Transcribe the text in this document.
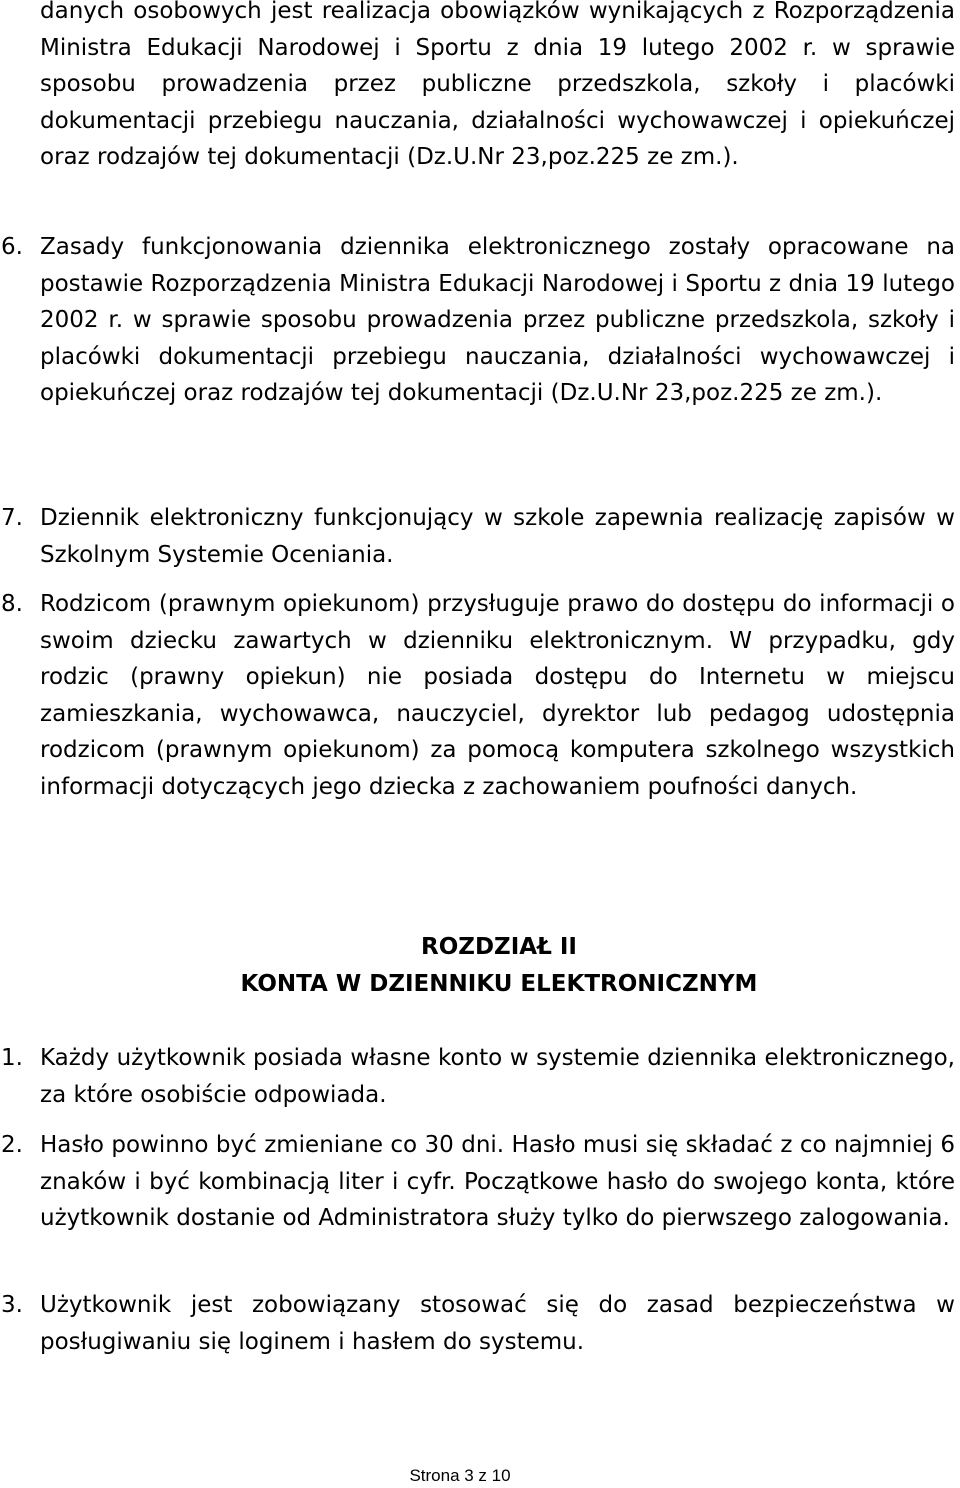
danych osobowych jest realizacja obowiązków wynikających z Rozporządzenia Ministra Edukacji Narodowej i Sportu z dnia 19 lutego 2002 r. w sprawie sposobu prowadzenia przez publiczne przedszkola, szkoły i placówki dokumentacji przebiegu nauczania, działalności wychowawczej i opiekuńczej oraz rodzajów tej dokumentacji (Dz.U.Nr 23,poz.225 ze zm.).
6. Zasady funkcjonowania dziennika elektronicznego zostały opracowane na postawie Rozporządzenia Ministra Edukacji Narodowej i Sportu z dnia 19 lutego 2002 r. w sprawie sposobu prowadzenia przez publiczne przedszkola, szkoły i placówki dokumentacji przebiegu nauczania, działalności wychowawczej i opiekuńczej oraz rodzajów tej dokumentacji (Dz.U.Nr 23,poz.225 ze zm.).
7. Dziennik elektroniczny funkcjonujący w szkole zapewnia realizację zapisów w Szkolnym Systemie Oceniania.
8. Rodzicom (prawnym opiekunom) przysługuje prawo do dostępu do informacji o swoim dziecku zawartych w dzienniku elektronicznym. W przypadku, gdy rodzic (prawny opiekun) nie posiada dostępu do Internetu w miejscu zamieszkania, wychowawca, nauczyciel, dyrektor lub pedagog udostępnia rodzicom (prawnym opiekunom) za pomocą komputera szkolnego wszystkich informacji dotyczących jego dziecka z zachowaniem poufności danych.
ROZDZIAŁ II
KONTA W DZIENNIKU ELEKTRONICZNYM
1. Każdy użytkownik posiada własne konto w systemie dziennika elektronicznego, za które osobiście odpowiada.
2. Hasło powinno być zmieniane co 30 dni. Hasło musi się składać z co najmniej 6 znaków i być kombinacją liter i cyfr. Początkowe hasło do swojego konta, które użytkownik dostanie od Administratora służy tylko do pierwszego zalogowania.
3. Użytkownik jest zobowiązany stosować się do zasad bezpieczeństwa w posługiwaniu się loginem i hasłem do systemu.
Strona 3 z 10
